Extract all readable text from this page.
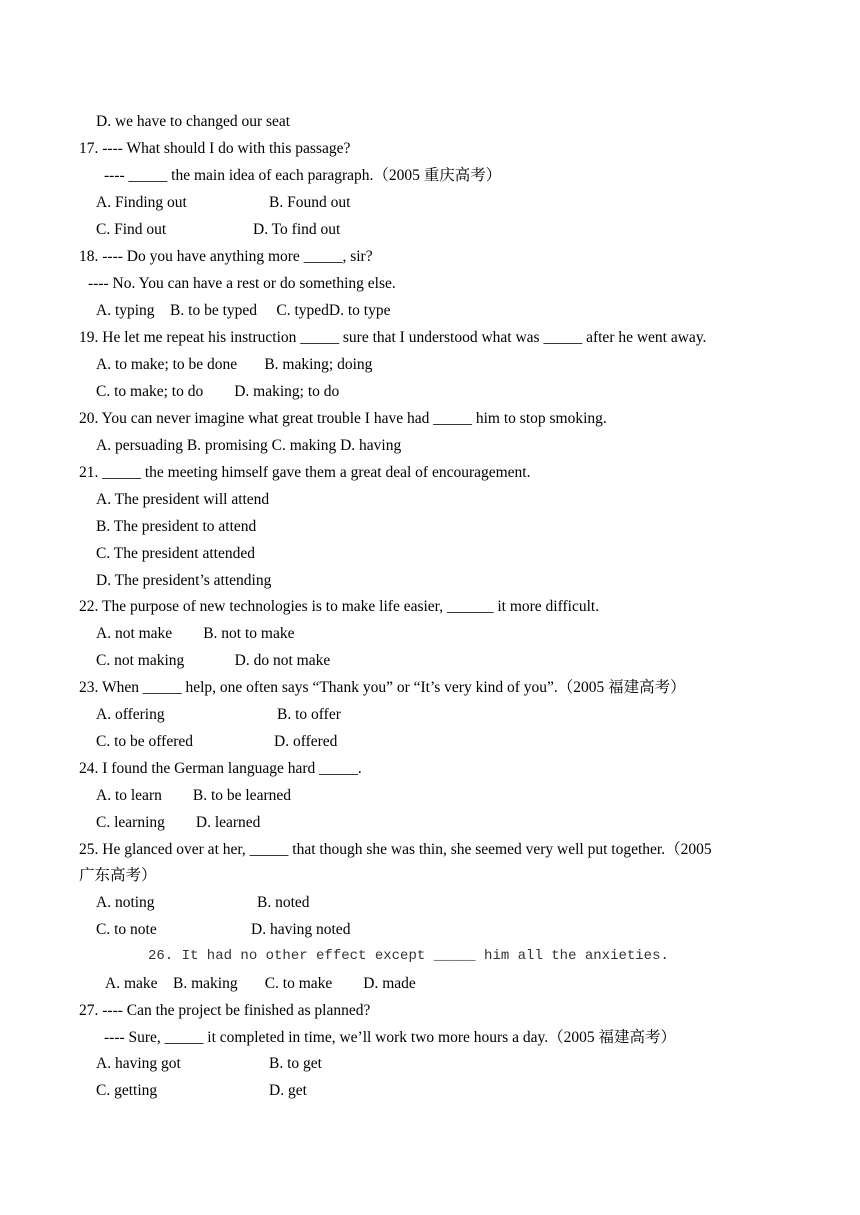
D. we have to changed our seat
17. ---- What should I do with this passage?
---- _____ the main idea of each paragraph.（2005 重庆高考）
A. Finding out	B. Found out
C. Find out	D. To find out
18. ---- Do you have anything more _____, sir?
---- No. You can have a rest or do something else.
A. typing    B. to be typed     C. typedD. to type
19. He let me repeat his instruction _____ sure that I understood what was _____ after he went away.
A. to make; to be done       B. making; doing
C. to make; to do        D. making; to do
20. You can never imagine what great trouble I have had _____ him to stop smoking.
A. persuading B. promising C. making D. having
21. _____ the meeting himself gave them a great deal of encouragement.
A. The president will attend
B. The president to attend
C. The president attended
D. The president’s attending
22. The purpose of new technologies is to make life easier, ______ it more difficult.
A. not make        B. not to make
C. not making             D. do not make
23. When _____ help, one often says “Thank you” or “It’s very kind of you”.（2005 福建高考）
A. offering	B. to offer
C. to be offered	D. offered
24. I found the German language hard _____.
A. to learn        B. to be learned
C. learning        D. learned
25. He glanced over at her, _____ that though she was thin, she seemed very well put together.（2005
广东高考）
A. noting	B. noted
C. to note	D. having noted
26. It had no other effect except _____ him all the anxieties.
A. make    B. making       C. to make        D. made
27. ---- Can the project be finished as planned?
---- Sure, _____ it completed in time, we’ll work two more hours a day.（2005 福建高考）
A. having got	B. to get
C. getting	D. get
